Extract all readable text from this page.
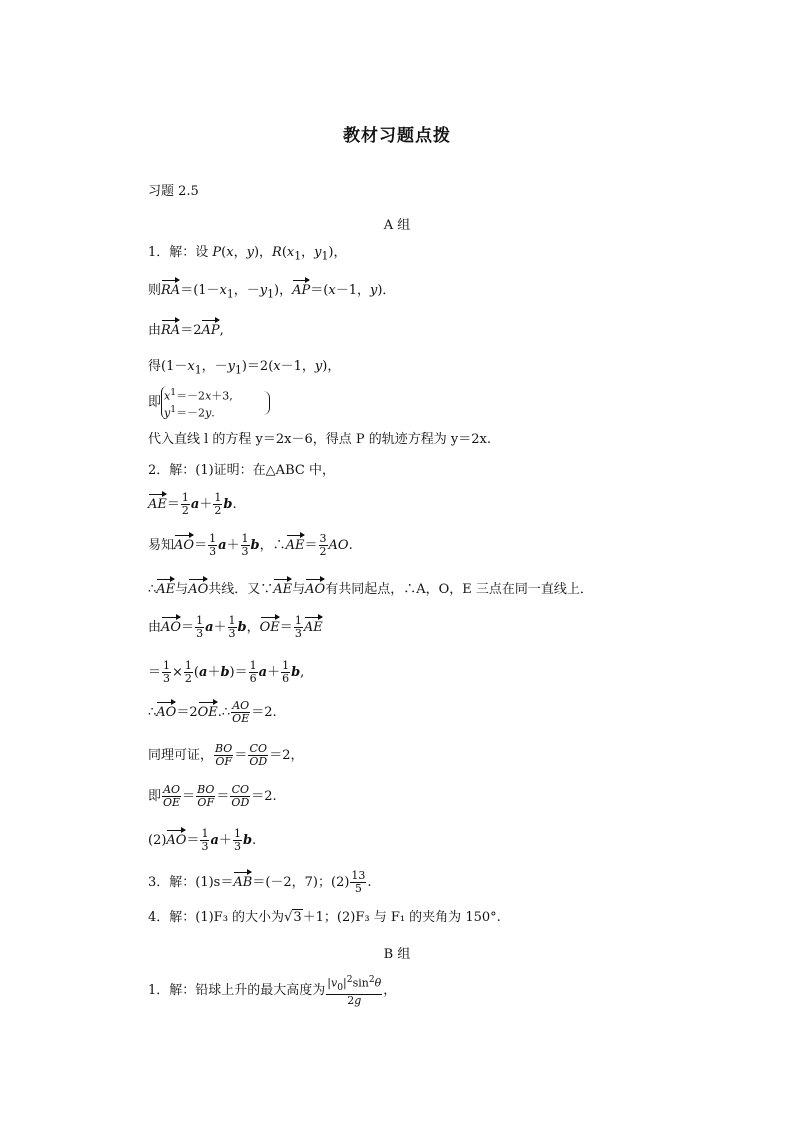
教材习题点拨
习题 2.5
A 组
1．解：设 P(x，y)，$R(x_1$，$y_1$)，
则$RA=(1-x_1$，$-y_1$)，AP＝(x－1，y)．
由RA＝2AP,
得($1-x_1$，$-y_1)=2(x-1$，y)，
即 $x^1=-2x+3$,
$y^1=-2y$.
代入直线 l 的方程 y＝2x－6，得点 P 的轨迹方程为 y＝2x.
2．解：(1)证明：在△ABC 中，
$AE= \frac{1}{2} a+ \frac{1}{2} b$.
易知$AO= \frac{1}{3} a+ \frac{1}{3}$ b，∴AE＝ $\frac{3}{2}$ AO.
∴AE与AO共线．又∵AE与AO有共同起点，∴A，O，E 三点在同一直线上．
由$AO= \frac{1}{3} a+ \frac{1}{3}$ b，$OE= \frac{1}{3}$ AE
＝ $\frac{1}{3} \times \frac{1}{2} (a+b)= \frac{1}{6} a+ \frac{1}{6} b$,
∴AO＝2OE.∴ $\frac{AO}{OE} =2$.
同理可证， $\frac{BO}{OF} = \frac{CO}{OD} =2$，
即 $\frac{AO}{OE} = \frac{BO}{OF} = \frac{CO}{OD} =2$.
$(2)AO= \frac{1}{3} a+ \frac{1}{3} b$.
3．解：(1)s＝AB＝(－2，7)；$(2) \frac{13}{5}$ .
4．解：(1)F₃ 的大小为√3＋1；(2)F₃ 与 F₁ 的夹角为 150°.
B 组
1．解：铅球上升的最大高度为 $\frac{|v_0|^2\sin^2\theta}{2g}$ ，
